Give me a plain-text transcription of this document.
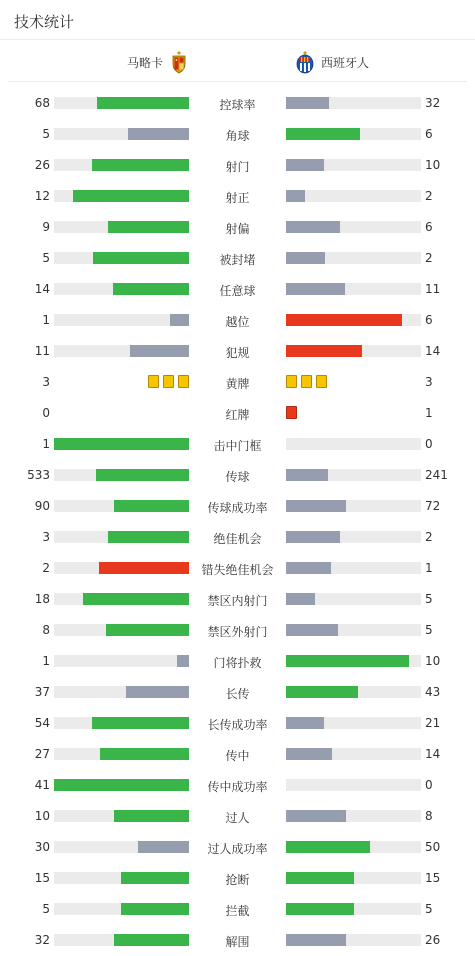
技术统计
马略卡	西班牙人
68	控球率	32
5	角球	6
26	射门	10
12	射正	2
9	射偏	6
5	被封堵	2
14	任意球	11
1	越位	6
11	犯规	14
3	黄牌	3
0	红牌	1
1	击中门框	0
533	传球	241
90	传球成功率	72
3	绝佳机会	2
2	错失绝佳机会	1
18	禁区内射门	5
8	禁区外射门	5
1	门将扑救	10
37	长传	43
54	长传成功率	21
27	传中	14
41	传中成功率	0
10	过人	8
30	过人成功率	50
15	抢断	15
5	拦截	5
32	解围	26
